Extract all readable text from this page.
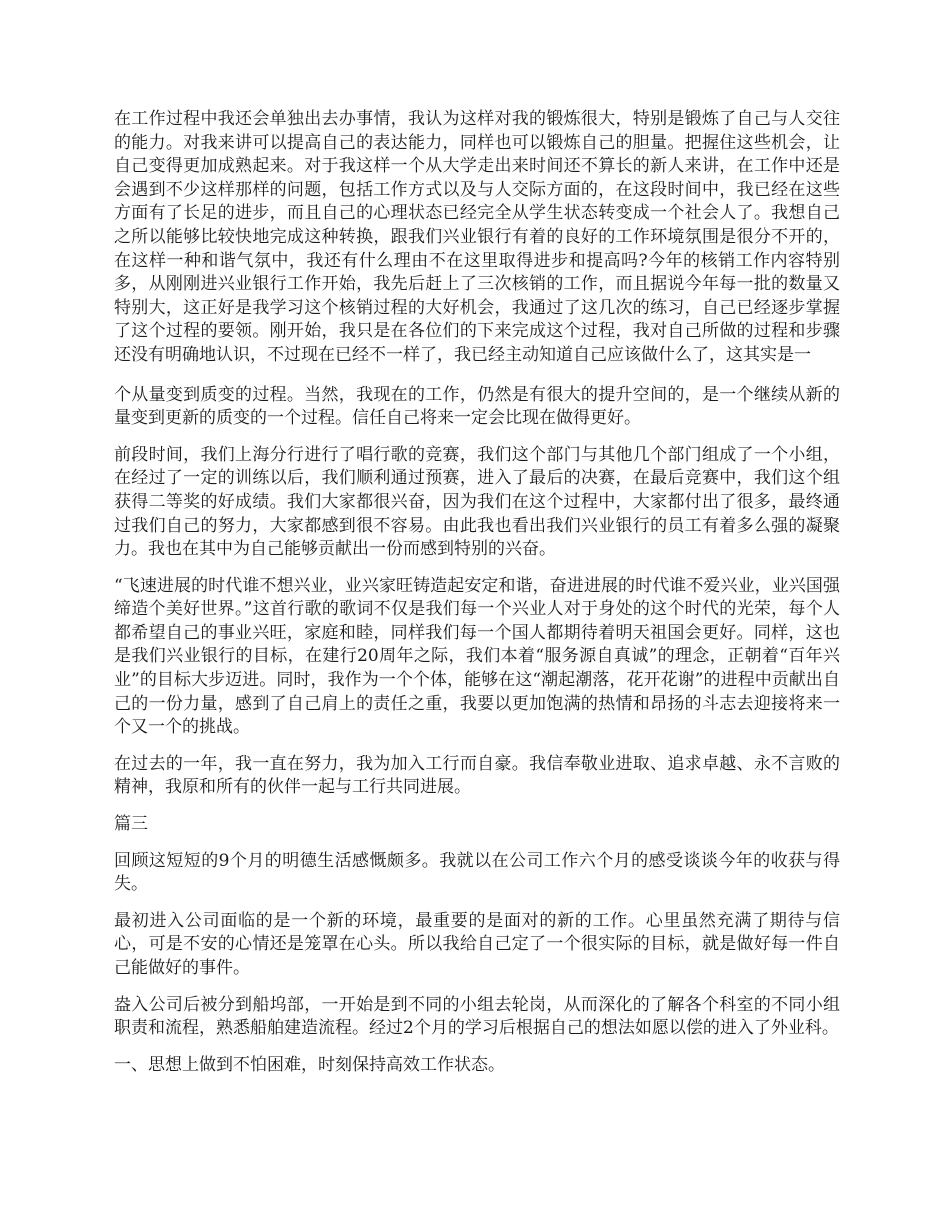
在工作过程中我还会单独出去办事情，我认为这样对我的锻炼很大，特别是锻炼了自己与人交往的能力。对我来讲可以提高自己的表达能力，同样也可以锻炼自己的胆量。把握住这些机会，让自己变得更加成熟起来。对于我这样一个从大学走出来时间还不算长的新人来讲，在工作中还是会遇到不少这样那样的问题，包括工作方式以及与人交际方面的，在这段时间中，我已经在这些方面有了长足的进步，而且自己的心理状态已经完全从学生状态转变成一个社会人了。我想自己之所以能够比较快地完成这种转换，跟我们兴业银行有着的良好的工作环境氛围是很分不开的，在这样一种和谐气氛中，我还有什么理由不在这里取得进步和提高吗?今年的核销工作内容特别多，从刚刚进兴业银行工作开始，我先后赶上了三次核销的工作，而且据说今年每一批的数量又特别大，这正好是我学习这个核销过程的大好机会，我通过了这几次的练习，自己已经逐步掌握了这个过程的要领。刚开始，我只是在各位们的下来完成这个过程，我对自己所做的过程和步骤还没有明确地认识，不过现在已经不一样了，我已经主动知道自己应该做什么了，这其实是一

个从量变到质变的过程。当然，我现在的工作，仍然是有很大的提升空间的，是一个继续从新的量变到更新的质变的一个过程。信任自己将来一定会比现在做得更好。

前段时间，我们上海分行进行了唱行歌的竞赛，我们这个部门与其他几个部门组成了一个小组，在经过了一定的训练以后，我们顺利通过预赛，进入了最后的决赛，在最后竞赛中，我们这个组获得二等奖的好成绩。我们大家都很兴奋，因为我们在这个过程中，大家都付出了很多，最终通过我们自己的努力，大家都感到很不容易。由此我也看出我们兴业银行的员工有着多么强的凝聚力。我也在其中为自己能够贡献出一份而感到特别的兴奋。

“飞速进展的时代谁不想兴业，业兴家旺铸造起安定和谐，奋进进展的时代谁不爱兴业，业兴国强缔造个美好世界。”这首行歌的歌词不仅是我们每一个兴业人对于身处的这个时代的光荣，每个人都希望自己的事业兴旺，家庭和睦，同样我们每一个国人都期待着明天祖国会更好。同样，这也是我们兴业银行的目标，在建行20周年之际，我们本着“服务源自真诚”的理念，正朝着“百年兴业”的目标大步迈进。同时，我作为一个个体，能够在这“潮起潮落，花开花谢”的进程中贡献出自己的一份力量，感到了自己肩上的责任之重，我要以更加饱满的热情和昂扬的斗志去迎接将来一个又一个的挑战。

在过去的一年，我一直在努力，我为加入工行而自豪。我信奉敬业进取、追求卓越、永不言败的精神，我原和所有的伙伴一起与工行共同进展。

篇三

回顾这短短的9个月的明德生活感慨颇多。我就以在公司工作六个月的感受谈谈今年的收获与得失。

最初进入公司面临的是一个新的环境，最重要的是面对的新的工作。心里虽然充满了期待与信心，可是不安的心情还是笼罩在心头。所以我给自己定了一个很实际的目标，就是做好每一件自己能做好的事件。

盎入公司后被分到船坞部，一开始是到不同的小组去轮岗，从而深化的了解各个科室的不同小组职责和流程，熟悉船舶建造流程。经过2个月的学习后根据自己的想法如愿以偿的进入了外业科。

一、思想上做到不怕困难，时刻保持高效工作状态。
